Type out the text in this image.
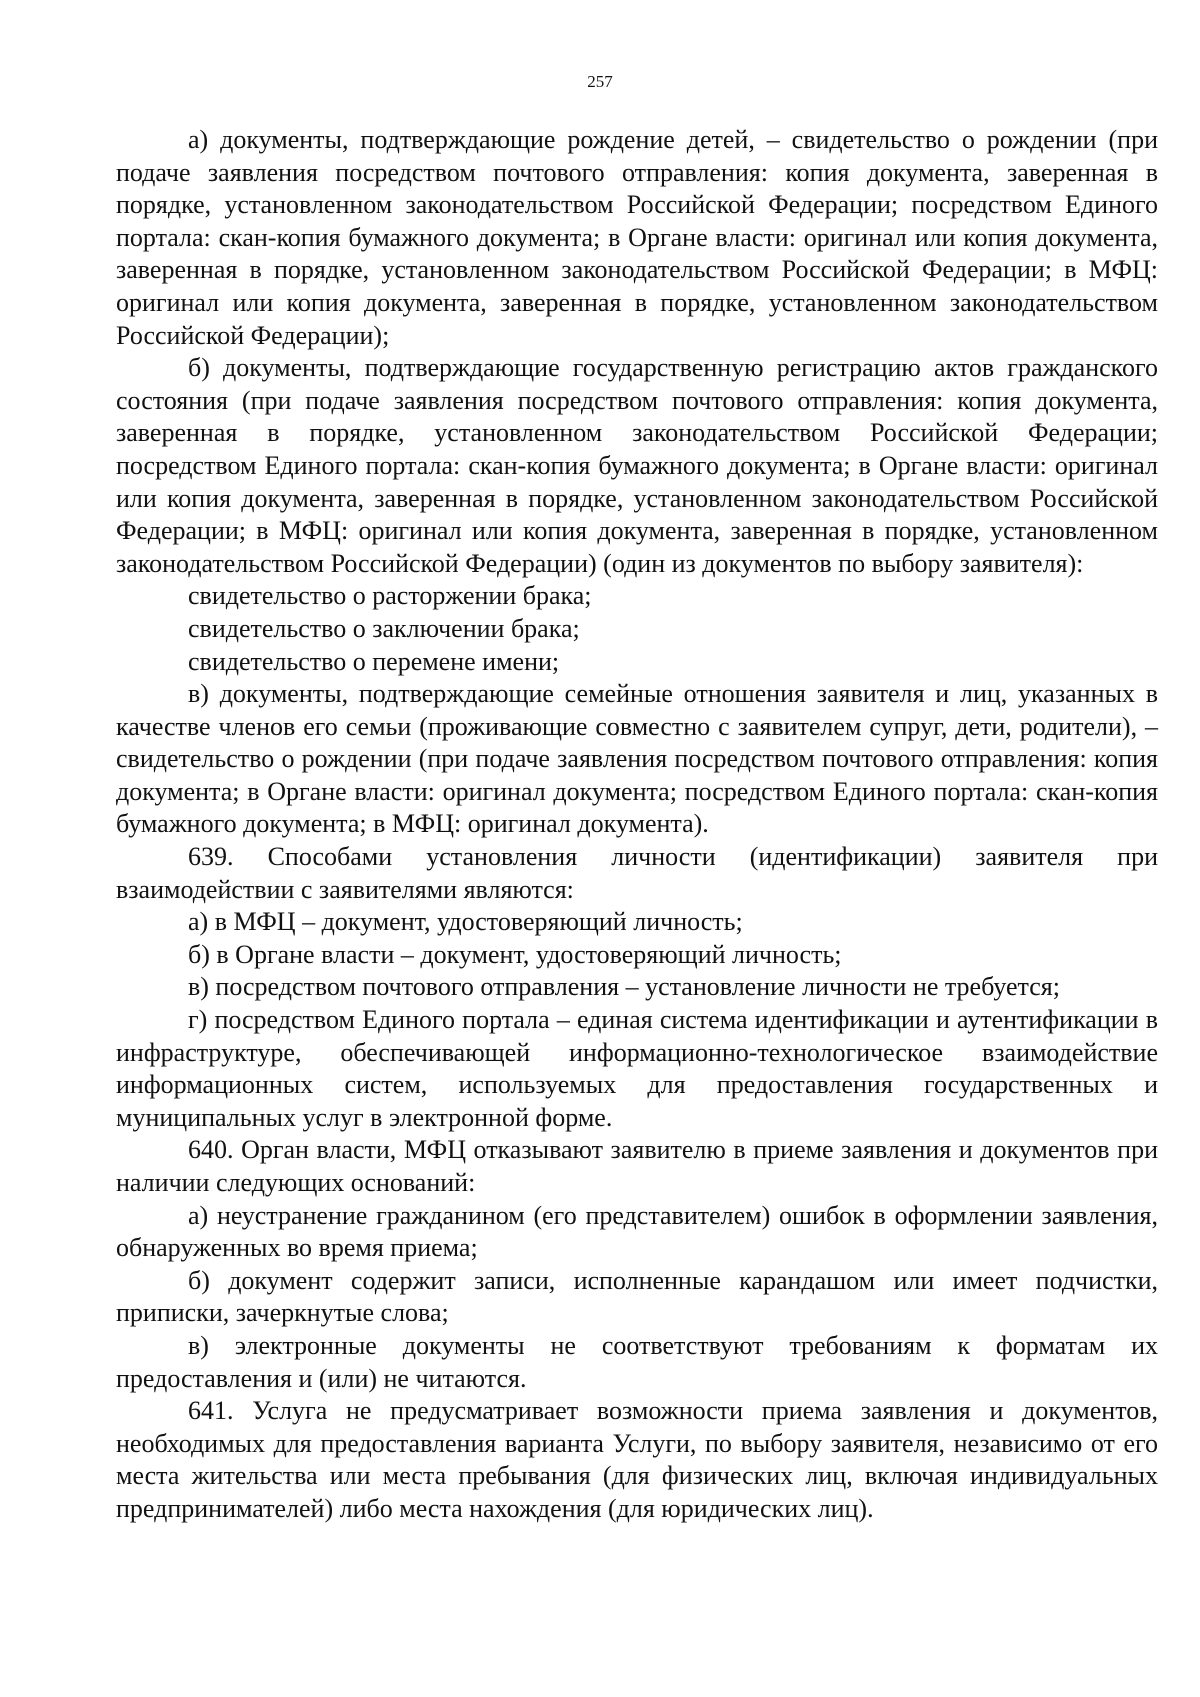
257

а) документы, подтверждающие рождение детей, – свидетельство о рождении (при подаче заявления посредством почтового отправления: копия документа, заверенная в порядке, установленном законодательством Российской Федерации; посредством Единого портала: скан-копия бумажного документа; в Органе власти: оригинал или копия документа, заверенная в порядке, установленном законодательством Российской Федерации; в МФЦ: оригинал или копия документа, заверенная в порядке, установленном законодательством Российской Федерации);

б) документы, подтверждающие государственную регистрацию актов гражданского состояния (при подаче заявления посредством почтового отправления: копия документа, заверенная в порядке, установленном законодательством Российской Федерации; посредством Единого портала: скан-копия бумажного документа; в Органе власти: оригинал или копия документа, заверенная в порядке, установленном законодательством Российской Федерации; в МФЦ: оригинал или копия документа, заверенная в порядке, установленном законодательством Российской Федерации) (один из документов по выбору заявителя):

свидетельство о расторжении брака;

свидетельство о заключении брака;

свидетельство о перемене имени;

в) документы, подтверждающие семейные отношения заявителя и лиц, указанных в качестве членов его семьи (проживающие совместно с заявителем супруг, дети, родители), – свидетельство о рождении (при подаче заявления посредством почтового отправления: копия документа; в Органе власти: оригинал документа; посредством Единого портала: скан-копия бумажного документа; в МФЦ: оригинал документа).

639. Способами установления личности (идентификации) заявителя при взаимодействии с заявителями являются:

а) в МФЦ – документ, удостоверяющий личность;

б) в Органе власти – документ, удостоверяющий личность;

в) посредством почтового отправления – установление личности не требуется;

г) посредством Единого портала – единая система идентификации и аутентификации в инфраструктуре, обеспечивающей информационно-технологическое взаимодействие информационных систем, используемых для предоставления государственных и муниципальных услуг в электронной форме.

640. Орган власти, МФЦ отказывают заявителю в приеме заявления и документов при наличии следующих оснований:

а) неустранение гражданином (его представителем) ошибок в оформлении заявления, обнаруженных во время приема;

б) документ содержит записи, исполненные карандашом или имеет подчистки, приписки, зачеркнутые слова;

в) электронные документы не соответствуют требованиям к форматам их предоставления и (или) не читаются.

641. Услуга не предусматривает возможности приема заявления и документов, необходимых для предоставления варианта Услуги, по выбору заявителя, независимо от его места жительства или места пребывания (для физических лиц, включая индивидуальных предпринимателей) либо места нахождения (для юридических лиц).
